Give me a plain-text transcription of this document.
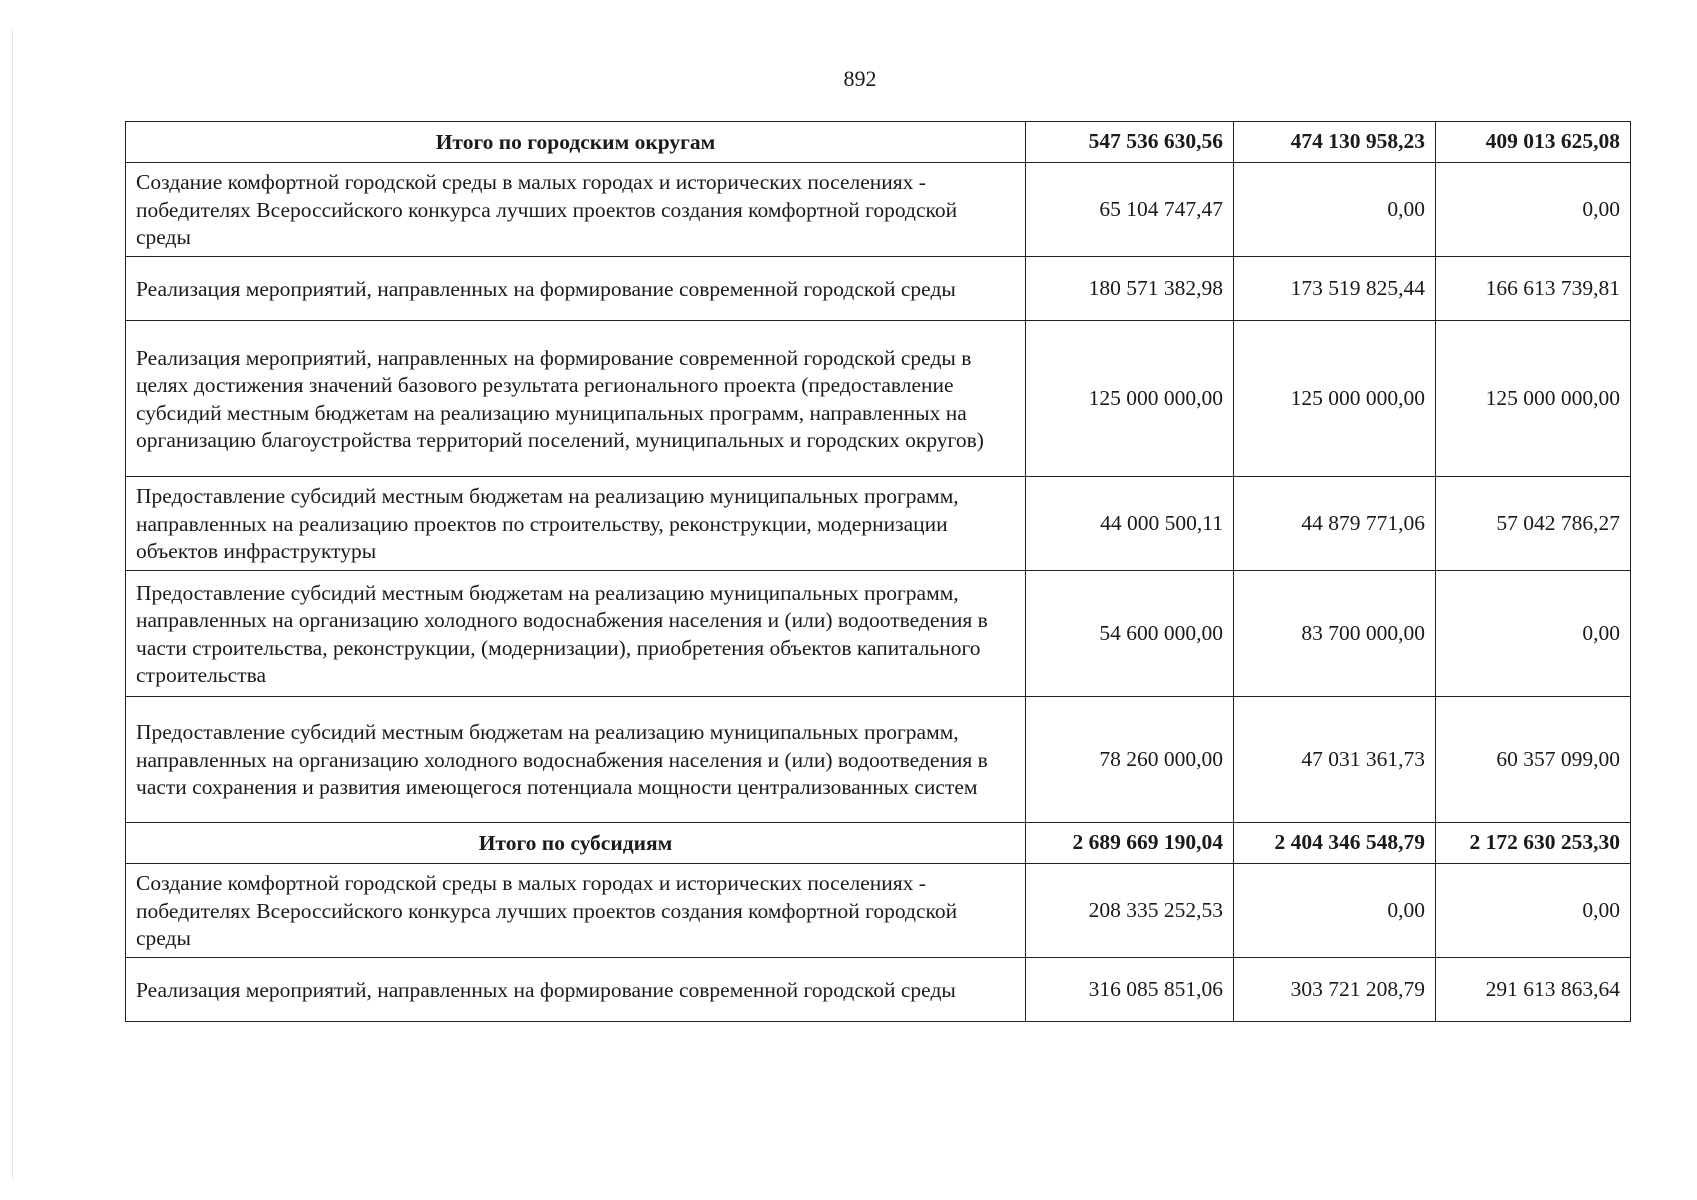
892
Итого по городским округам	547 536 630,56	474 130 958,23	409 013 625,08
Создание комфортной городской среды в малых городах и исторических поселениях - победителях Всероссийского конкурса лучших проектов создания комфортной городской среды	65 104 747,47	0,00	0,00
Реализация мероприятий, направленных на формирование современной городской среды	180 571 382,98	173 519 825,44	166 613 739,81
Реализация мероприятий, направленных на формирование современной городской среды в целях достижения значений базового результата регионального проекта (предоставление субсидий местным бюджетам на реализацию муниципальных программ, направленных на организацию благоустройства территорий поселений, муниципальных и городских округов)	125 000 000,00	125 000 000,00	125 000 000,00
Предоставление субсидий местным бюджетам на реализацию муниципальных программ, направленных на реализацию проектов по строительству, реконструкции, модернизации объектов инфраструктуры	44 000 500,11	44 879 771,06	57 042 786,27
Предоставление субсидий местным бюджетам на реализацию муниципальных программ, направленных на организацию холодного водоснабжения населения и (или) водоотведения в части строительства, реконструкции, (модернизации), приобретения объектов капитального строительства	54 600 000,00	83 700 000,00	0,00
Предоставление субсидий местным бюджетам на реализацию муниципальных программ, направленных на организацию холодного водоснабжения населения и (или) водоотведения в части сохранения и развития имеющегося потенциала мощности централизованных систем	78 260 000,00	47 031 361,73	60 357 099,00
Итого по субсидиям	2 689 669 190,04	2 404 346 548,79	2 172 630 253,30
Создание комфортной городской среды в малых городах и исторических поселениях - победителях Всероссийского конкурса лучших проектов создания комфортной городской среды	208 335 252,53	0,00	0,00
Реализация мероприятий, направленных на формирование современной городской среды	316 085 851,06	303 721 208,79	291 613 863,64
